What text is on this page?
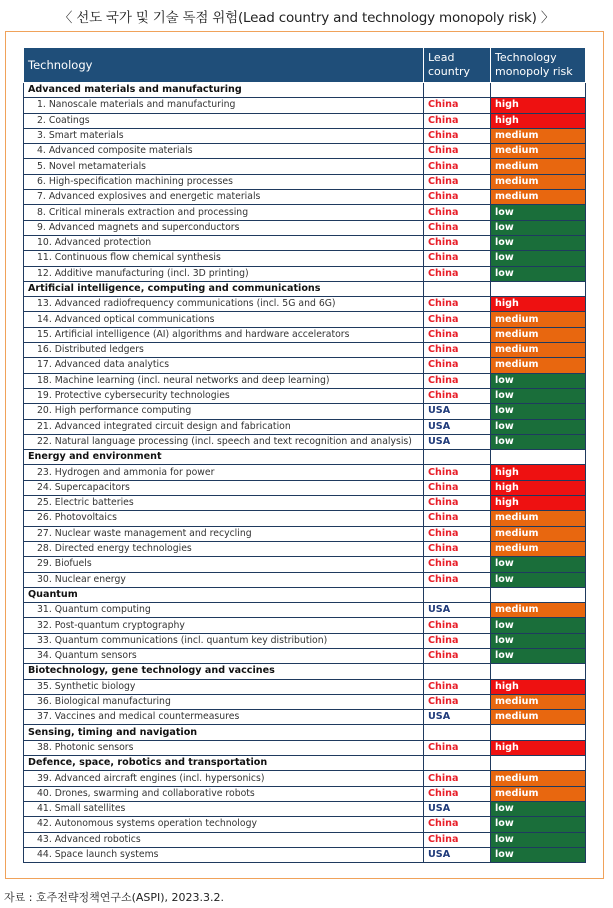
〈 선도 국가 및 기술 독점 위험(Lead country and technology monopoly risk) 〉
Technology	Lead country	Technology monopoly risk
Advanced materials and manufacturing		
1. Nanoscale materials and manufacturing	China	high
2. Coatings	China	high
3. Smart materials	China	medium
4. Advanced composite materials	China	medium
5. Novel metamaterials	China	medium
6. High-specification machining processes	China	medium
7. Advanced explosives and energetic materials	China	medium
8. Critical minerals extraction and processing	China	low
9. Advanced magnets and superconductors	China	low
10. Advanced protection	China	low
11. Continuous flow chemical synthesis	China	low
12. Additive manufacturing (incl. 3D printing)	China	low
Artificial intelligence, computing and communications		
13. Advanced radiofrequency communications (incl. 5G and 6G)	China	high
14. Advanced optical communications	China	medium
15. Artificial intelligence (AI) algorithms and hardware accelerators	China	medium
16. Distributed ledgers	China	medium
17. Advanced data analytics	China	medium
18. Machine learning (incl. neural networks and deep learning)	China	low
19. Protective cybersecurity technologies	China	low
20. High performance computing	USA	low
21. Advanced integrated circuit design and fabrication	USA	low
22. Natural language processing (incl. speech and text recognition and analysis)	USA	low
Energy and environment		
23. Hydrogen and ammonia for power	China	high
24. Supercapacitors	China	high
25. Electric batteries	China	high
26. Photovoltaics	China	medium
27. Nuclear waste management and recycling	China	medium
28. Directed energy technologies	China	medium
29. Biofuels	China	low
30. Nuclear energy	China	low
Quantum		
31. Quantum computing	USA	medium
32. Post-quantum cryptography	China	low
33. Quantum communications (incl. quantum key distribution)	China	low
34. Quantum sensors	China	low
Biotechnology, gene technology and vaccines		
35. Synthetic biology	China	high
36. Biological manufacturing	China	medium
37. Vaccines and medical countermeasures	USA	medium
Sensing, timing and navigation		
38. Photonic sensors	China	high
Defence, space, robotics and transportation		
39. Advanced aircraft engines (incl. hypersonics)	China	medium
40. Drones, swarming and collaborative robots	China	medium
41. Small satellites	USA	low
42. Autonomous systems operation technology	China	low
43. Advanced robotics	China	low
44. Space launch systems	USA	low
자료 : 호주전략정책연구소(ASPI), 2023.3.2.
